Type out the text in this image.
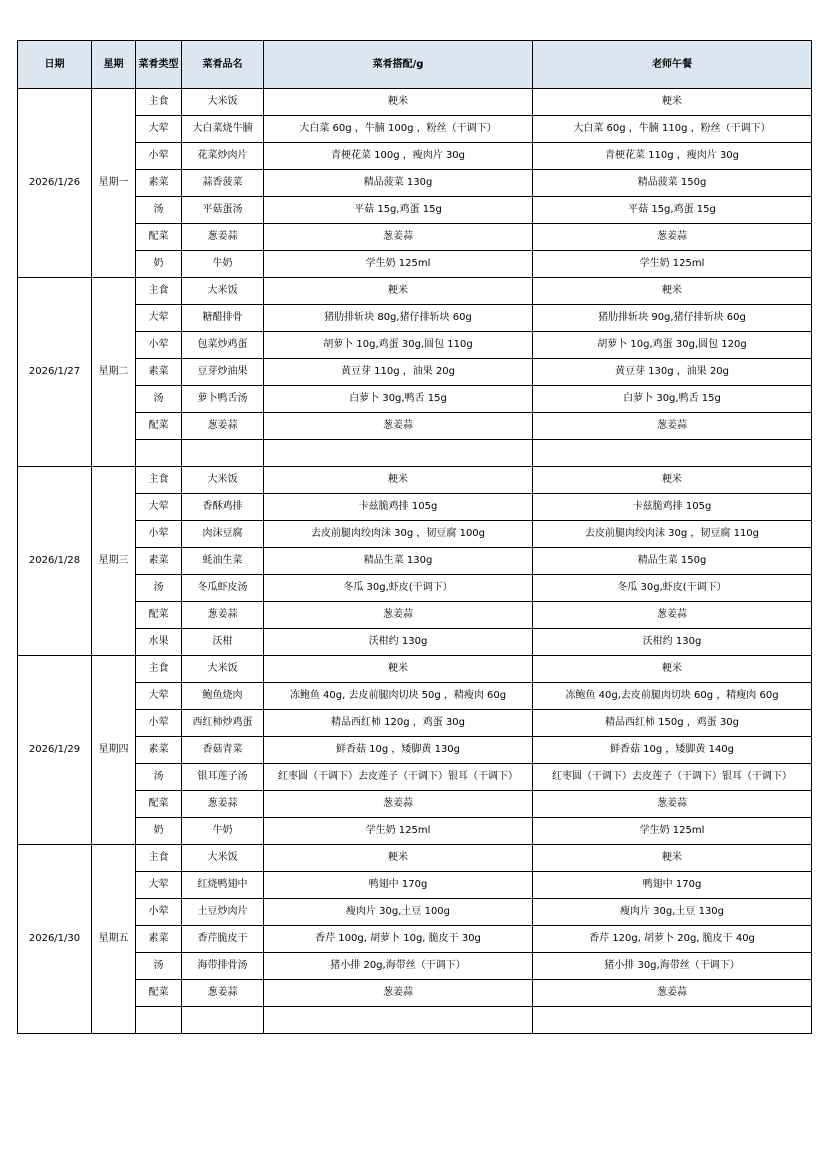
日期	星期	菜肴类型	菜肴品名	菜肴搭配/g	老师午餐
2026/1/26	星期一	主食	大米饭	粳米	粳米
		大荤	大白菜烧牛腩	大白菜 60g ，牛腩 100g ，粉丝（干调下）	大白菜 60g ，牛腩 110g ，粉丝（干调下）
		小荤	花菜炒肉片	青梗花菜 100g ，瘦肉片 30g	青梗花菜 110g ，瘦肉片 30g
		素菜	蒜香菠菜	精品菠菜 130g	精品菠菜 150g
		汤	平菇蛋汤	平菇 15g,鸡蛋 15g	平菇 15g,鸡蛋 15g
		配菜	葱姜蒜	葱姜蒜	葱姜蒜
		奶	牛奶	学生奶 125ml	学生奶 125ml
2026/1/27	星期二	主食	大米饭	粳米	粳米
		大荤	糖醋排骨	猪肋排斩块 80g,猪仔排斩块 60g	猪肋排斩块 90g,猪仔排斩块 60g
		小荤	包菜炒鸡蛋	胡萝卜 10g,鸡蛋 30g,圆包 110g	胡萝卜 10g,鸡蛋 30g,圆包 120g
		素菜	豆芽炒油果	黄豆芽 110g ，油果 20g	黄豆芽 130g ，油果 20g
		汤	萝卜鸭舌汤	白萝卜 30g,鸭舌 15g	白萝卜 30g,鸭舌 15g
		配菜	葱姜蒜	葱姜蒜	葱姜蒜

2026/1/28	星期三	主食	大米饭	粳米	粳米
		大荤	香酥鸡排	卡兹脆鸡排 105g	卡兹脆鸡排 105g
		小荤	肉沫豆腐	去皮前腿肉绞肉沫 30g ，韧豆腐 100g	去皮前腿肉绞肉沫 30g ，韧豆腐 110g
		素菜	蚝油生菜	精品生菜 130g	精品生菜 150g
		汤	冬瓜虾皮汤	冬瓜 30g,虾皮(干调下）	冬瓜 30g,虾皮(干调下）
		配菜	葱姜蒜	葱姜蒜	葱姜蒜
		水果	沃柑	沃柑约 130g	沃柑约 130g
2026/1/29	星期四	主食	大米饭	粳米	粳米
		大荤	鲍鱼烧肉	冻鲍鱼 40g, 去皮前腿肉切块 50g ，精瘦肉 60g	冻鲍鱼 40g,去皮前腿肉切块 60g ，精瘦肉 60g
		小荤	西红柿炒鸡蛋	精品西红柿 120g ，鸡蛋 30g	精品西红柿 150g ，鸡蛋 30g
		素菜	香菇青菜	鲜香菇 10g ，矮脚黄 130g	鲜香菇 10g ，矮脚黄 140g
		汤	银耳莲子汤	红枣圆（干调下）去皮莲子（干调下）银耳（干调下）	红枣圆（干调下）去皮莲子（干调下）银耳（干调下）
		配菜	葱姜蒜	葱姜蒜	葱姜蒜
		奶	牛奶	学生奶 125ml	学生奶 125ml
2026/1/30	星期五	主食	大米饭	粳米	粳米
		大荤	红烧鸭翅中	鸭翅中 170g	鸭翅中 170g
		小荤	土豆炒肉片	瘦肉片 30g,土豆 100g	瘦肉片 30g,土豆 130g
		素菜	香芹脆皮干	香芹 100g, 胡萝卜 10g, 脆皮干 30g	香芹 120g, 胡萝卜 20g, 脆皮干 40g
		汤	海带排骨汤	猪小排 20g,海带丝（干调下）	猪小排 30g,海带丝（干调下）
		配菜	葱姜蒜	葱姜蒜	葱姜蒜
